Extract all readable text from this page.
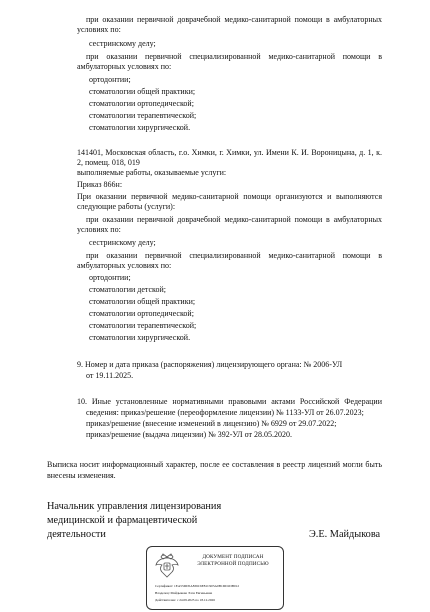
при оказании первичной доврачебной медико-санитарной помощи в амбулаторных
условиях по:
сестринскому делу;
при оказании первичной специализированной медико-санитарной помощи в
амбулаторных условиях по:
ортодонтии;
стоматологии общей практики;
стоматологии ортопедической;
стоматологии терапевтической;
стоматологии хирургической.
141401, Московская область, г.о. Химки, г. Химки, ул. Имени К. И. Вороницына, д. 1, к.
2, помещ. 018, 019
выполняемые работы, оказываемые услуги:
Приказ 866н:
При оказании первичной медико-санитарной помощи организуются и выполняются
следующие работы (услуги):
при оказании первичной доврачебной медико-санитарной помощи в амбулаторных
условиях по:
сестринскому делу;
при оказании первичной специализированной медико-санитарной помощи в
амбулаторных условиях по:
ортодонтии;
стоматологии детской;
стоматологии общей практики;
стоматологии ортопедической;
стоматологии терапевтической;
стоматологии хирургической.
9. Номер и дата приказа (распоряжения) лицензирующего органа: № 2006-УЛ
от 19.11.2025.
10. Иные установленные нормативными правовыми актами Российской Федерации
сведения: приказ/решение (переоформление лицензии) № 1133-УЛ от 26.07.2023;
приказ/решение (внесение изменений в лицензию) № 6929 от 29.07.2022;
приказ/решение (выдача лицензии) № 392-УЛ от 28.05.2020.
Выписка носит информационный характер, после ее составления в реестр лицензий могли быть
внесены изменения.
Начальник управления лицензирования
медицинской и фармацевтической
деятельности	Э.Е. Майдыкова
ДОКУМЕНТ ПОДПИСАН
ЭЛЕКТРОННОЙ ПОДПИСЬЮ
Сертификат: 1EA55DD5A836C6E81C905A0B1DD1DB012
Владелец: Майдыкова Элла Евгеньевна
Действителен: с 24.09.2025 по 18.12.2026
